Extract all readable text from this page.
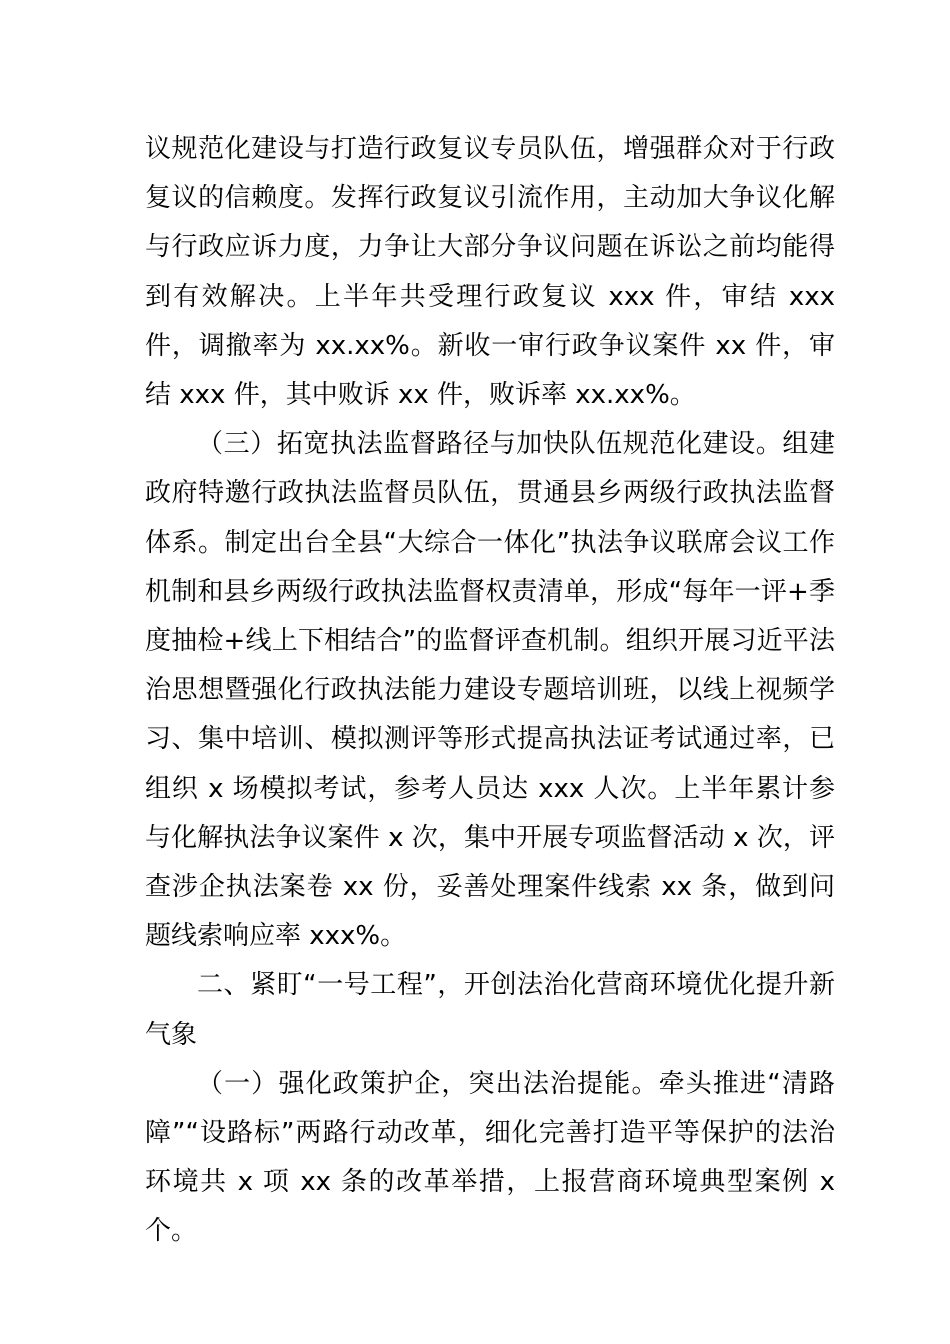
议规范化建设与打造行政复议专员队伍，增强群众对于行政复议的信赖度。发挥行政复议引流作用，主动加大争议化解与行政应诉力度，力争让大部分争议问题在诉讼之前均能得到有效解决。上半年共受理行政复议 xxx 件，审结 xxx 件，调撤率为 xx.xx%。新收一审行政争议案件 xx 件，审结 xxx 件，其中败诉 xx 件，败诉率 xx.xx%。

（三）拓宽执法监督路径与加快队伍规范化建设。组建政府特邀行政执法监督员队伍，贯通县乡两级行政执法监督体系。制定出台全县“大综合一体化”执法争议联席会议工作机制和县乡两级行政执法监督权责清单，形成“每年一评+季度抽检+线上下相结合”的监督评查机制。组织开展习近平法治思想暨强化行政执法能力建设专题培训班，以线上视频学习、集中培训、模拟测评等形式提高执法证考试通过率，已组织 x 场模拟考试，参考人员达 xxx 人次。上半年累计参与化解执法争议案件 x 次，集中开展专项监督活动 x 次，评查涉企执法案卷 xx 份，妥善处理案件线索 xx 条，做到问题线索响应率 xxx%。

二、紧盯“一号工程”，开创法治化营商环境优化提升新气象

（一）强化政策护企，突出法治提能。牵头推进“清路障”“设路标”两路行动改革，细化完善打造平等保护的法治环境共 x 项 xx 条的改革举措，上报营商环境典型案例 x 个。
